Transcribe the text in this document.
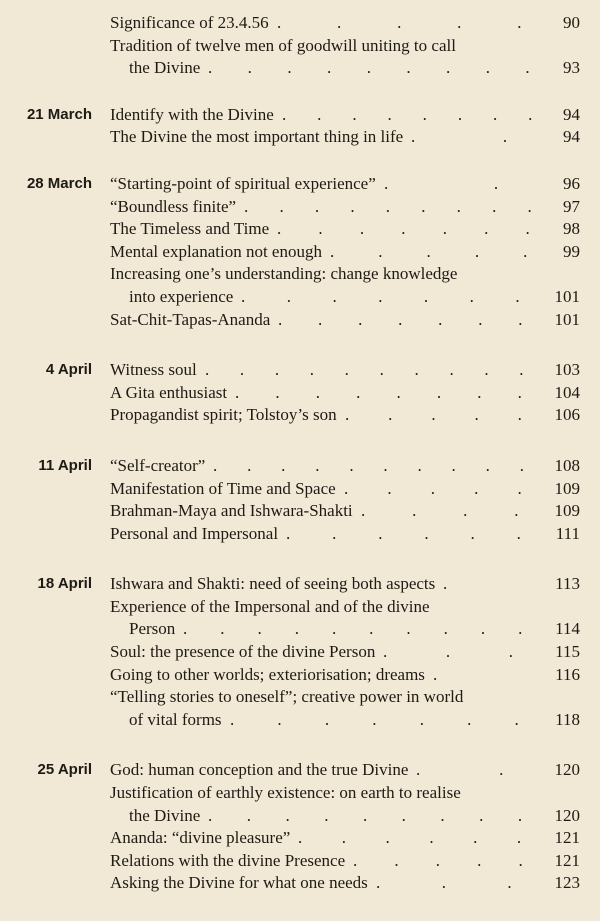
Significance of 23.4.56 . . . . . 90
Tradition of twelve men of goodwill uniting to call
the Divine . . . . . . . . . 93
21 March Identify with the Divine . . . . . . . . 94
The Divine the most important thing in life . . 94
28 March “Starting-point of spiritual experience” . . 96
“Boundless finite” . . . . . . . . . 97
The Timeless and Time . . . . . . . 98
Mental explanation not enough . . . . . 99
Increasing one’s understanding: change knowledge
into experience . . . . . . . 101
Sat-Chit-Tapas-Ananda . . . . . . . 101
4 April Witness soul . . . . . . . . . . 103
A Gita enthusiast . . . . . . . . 104
Propagandist spirit; Tolstoy’s son . . . . . 106
11 April “Self-creator” . . . . . . . . . . 108
Manifestation of Time and Space . . . . . 109
Brahman-Maya and Ishwara-Shakti . . . . 109
Personal and Impersonal . . . . . . 111
18 April Ishwara and Shakti: need of seeing both aspects .	113
Experience of the Impersonal and of the divine
Person . . . . . . . . . . 114
Soul: the presence of the divine Person . . . 115
Going to other worlds; exteriorisation; dreams .	116
“Telling stories to oneself”; creative power in world
of vital forms . . . . . . . 118
25 April God: human conception and the true Divine . . 120
Justification of earthly existence: on earth to realise
the Divine . . . . . . . . . 120
Ananda: “divine pleasure” . . . . . . 121
Relations with the divine Presence . . . . . 121
Asking the Divine for what one needs . . . 123
